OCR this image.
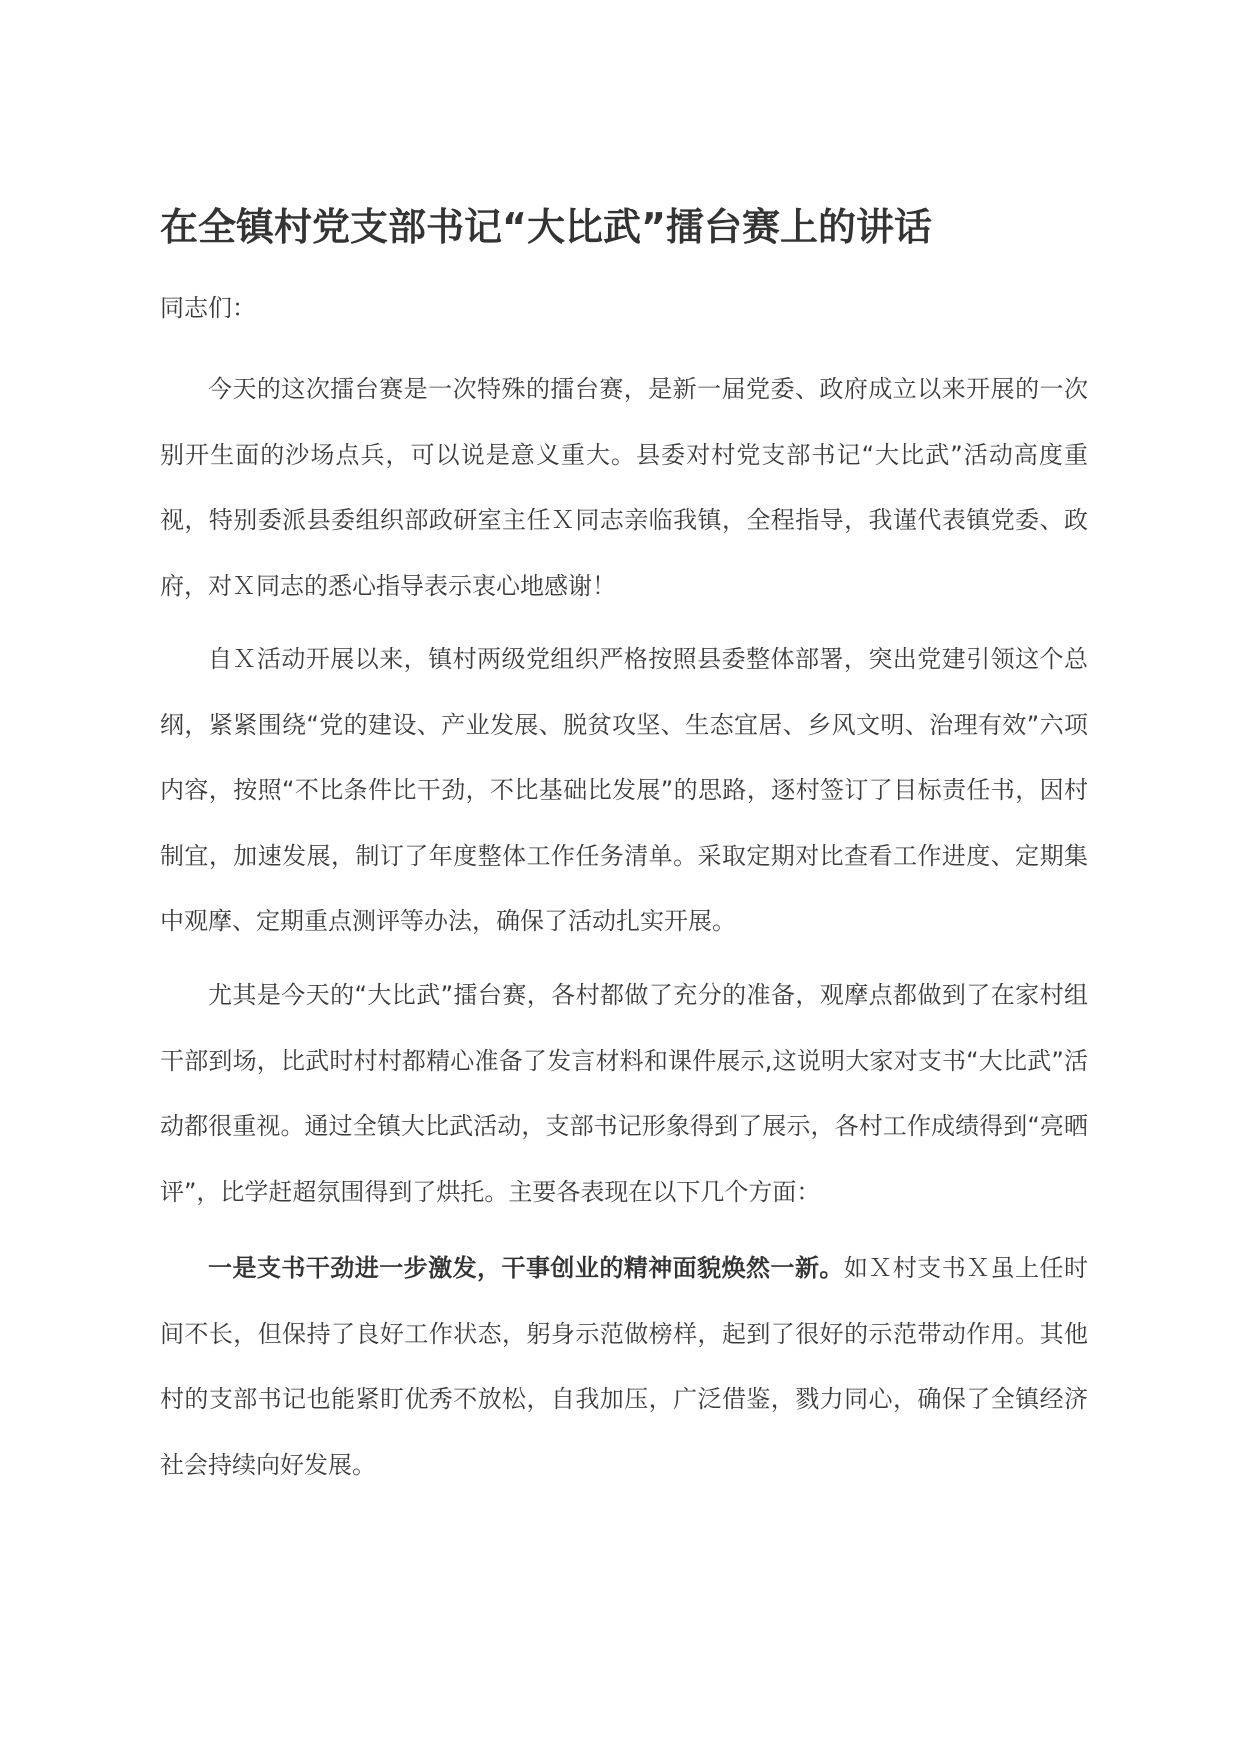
在全镇村党支部书记“大比武”擂台赛上的讲话

同志们：

今天的这次擂台赛是一次特殊的擂台赛，是新一届党委、政府成立以来开展的一次别开生面的沙场点兵，可以说是意义重大。县委对村党支部书记“大比武”活动高度重视，特别委派县委组织部政研室主任Ｘ同志亲临我镇，全程指导，我谨代表镇党委、政府，对Ｘ同志的悉心指导表示衷心地感谢！

自Ｘ活动开展以来，镇村两级党组织严格按照县委整体部署，突出党建引领这个总纲，紧紧围绕“党的建设、产业发展、脱贫攻坚、生态宜居、乡风文明、治理有效”六项内容，按照“不比条件比干劲，不比基础比发展”的思路，逐村签订了目标责任书，因村制宜，加速发展，制订了年度整体工作任务清单。采取定期对比查看工作进度、定期集中观摩、定期重点测评等办法，确保了活动扎实开展。

尤其是今天的“大比武”擂台赛，各村都做了充分的准备，观摩点都做到了在家村组干部到场，比武时村村都精心准备了发言材料和课件展示,这说明大家对支书“大比武”活动都很重视。通过全镇大比武活动，支部书记形象得到了展示，各村工作成绩得到“亮晒评”，比学赶超氛围得到了烘托。主要各表现在以下几个方面：

一是支书干劲进一步激发，干事创业的精神面貌焕然一新。如Ｘ村支书Ｘ虽上任时间不长，但保持了良好工作状态，躬身示范做榜样，起到了很好的示范带动作用。其他村的支部书记也能紧盯优秀不放松，自我加压，广泛借鉴，戮力同心，确保了全镇经济社会持续向好发展。
